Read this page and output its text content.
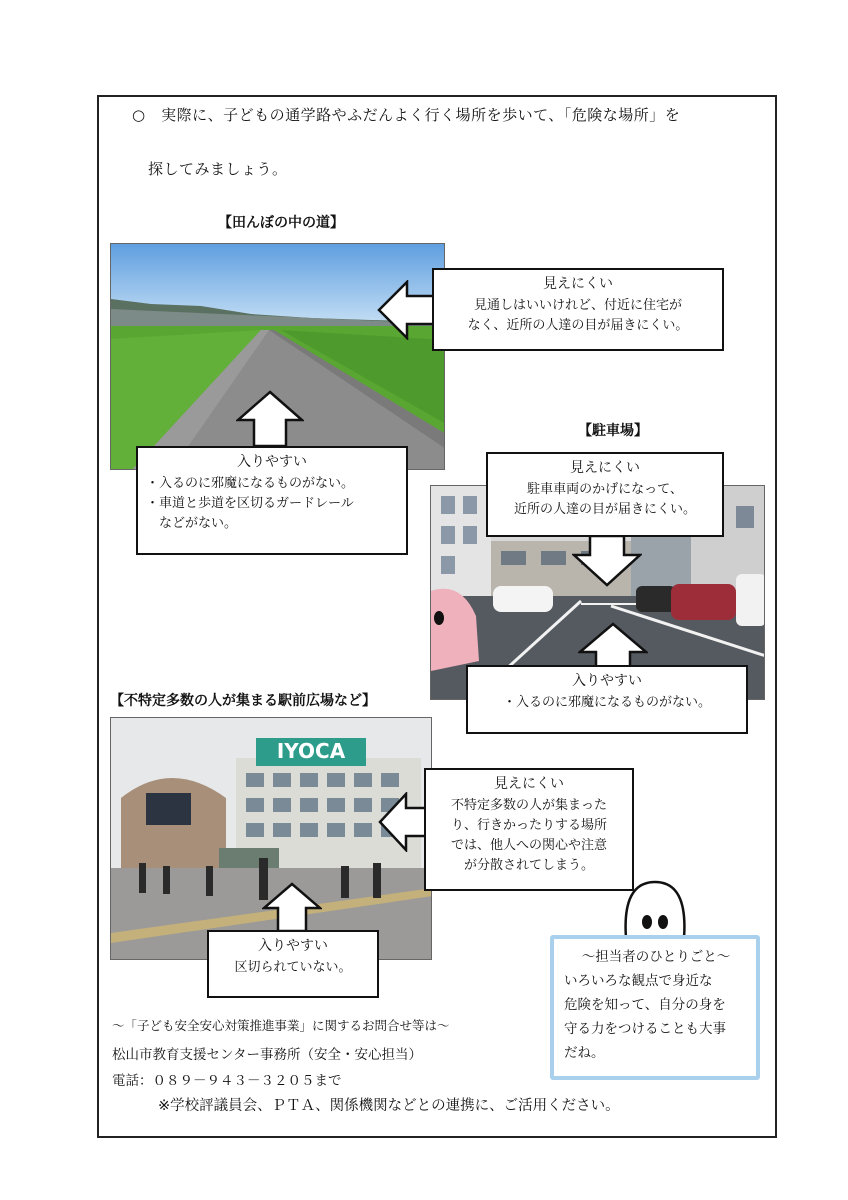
○　実際に、子どもの通学路やふだんよく行く場所を歩いて、「危険な場所」を
探してみましょう。
【田んぼの中の道】
見えにくい
見通しはいいけれど、付近に住宅が
なく、近所の人達の目が届きにくい。
入りやすい
・入るのに邪魔になるものがない。
・車道と歩道を区切るガードレール
などがない。
【駐車場】
見えにくい
駐車車両のかげになって、
近所の人達の目が届きにくい。
入りやすい
・入るのに邪魔になるものがない。
【不特定多数の人が集まる駅前広場など】
IYOCA
見えにくい
不特定多数の人が集まった
り、行きかったりする場所
では、他人への関心や注意
が分散されてしまう。
入りやすい
区切られていない。
～担当者のひとりごと～
いろいろな観点で身近な
危険を知って、自分の身を
守る力をつけることも大事
だね。
～「子ども安全安心対策推進事業」に関するお問合せ等は～
松山市教育支援センター事務所（安全・安心担当）
電話：０８９－９４３－３２０５まで
※学校評議員会、ＰＴＡ、関係機関などとの連携に、ご活用ください。
